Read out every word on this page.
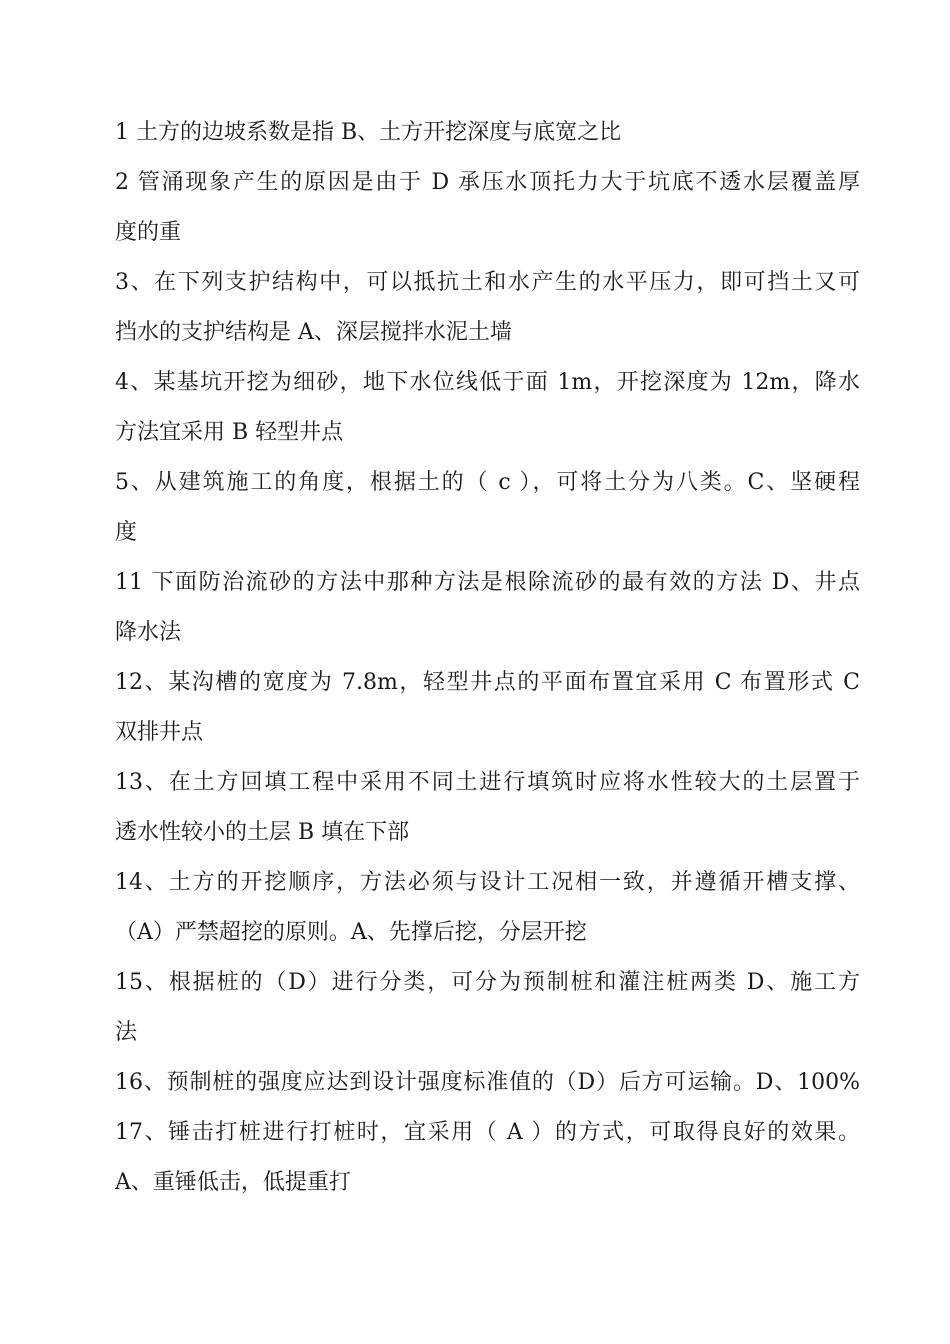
1 土方的边坡系数是指 B、土方开挖深度与底宽之比
2 管涌现象产生的原因是由于 D 承压水顶托力大于坑底不透水层覆盖厚
度的重
3、在下列支护结构中，可以抵抗土和水产生的水平压力，即可挡土又可
挡水的支护结构是 A、深层搅拌水泥土墙
4、某基坑开挖为细砂，地下水位线低于面 1m，开挖深度为 12m，降水
方法宜采用 B 轻型井点
5、从建筑施工的角度，根据土的（ c ），可将土分为八类。C、坚硬程
度
11 下面防治流砂的方法中那种方法是根除流砂的最有效的方法 D、井点
降水法
12、某沟槽的宽度为 7.8m，轻型井点的平面布置宜采用 C 布置形式 C
双排井点
13、在土方回填工程中采用不同土进行填筑时应将水性较大的土层置于
透水性较小的土层 B 填在下部
14、土方的开挖顺序，方法必须与设计工况相一致，并遵循开槽支撑、
（A）严禁超挖的原则。A、先撑后挖，分层开挖
15、根据桩的（D）进行分类，可分为预制桩和灌注桩两类 D、施工方
法
16、预制桩的强度应达到设计强度标准值的（D）后方可运输。D、100%
17、锤击打桩进行打桩时，宜采用（ A ）的方式，可取得良好的效果。
A、重锤低击，低提重打
